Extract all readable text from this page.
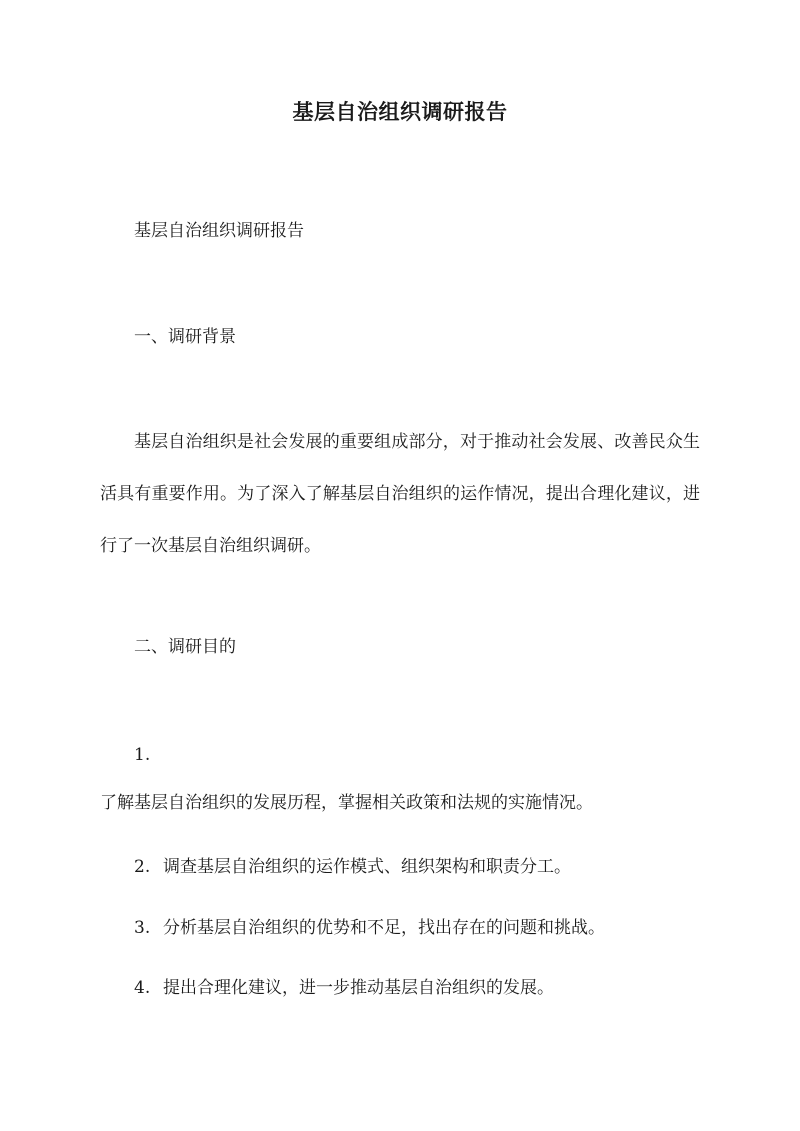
基层自治组织调研报告
基层自治组织调研报告
一、调研背景
基层自治组织是社会发展的重要组成部分，对于推动社会发展、改善民众生活具有重要作用。为了深入了解基层自治组织的运作情况，提出合理化建议，进行了一次基层自治组织调研。
二、调研目的
1.
了解基层自治组织的发展历程，掌握相关政策和法规的实施情况。
2. 调查基层自治组织的运作模式、组织架构和职责分工。
3. 分析基层自治组织的优势和不足，找出存在的问题和挑战。
4. 提出合理化建议，进一步推动基层自治组织的发展。
